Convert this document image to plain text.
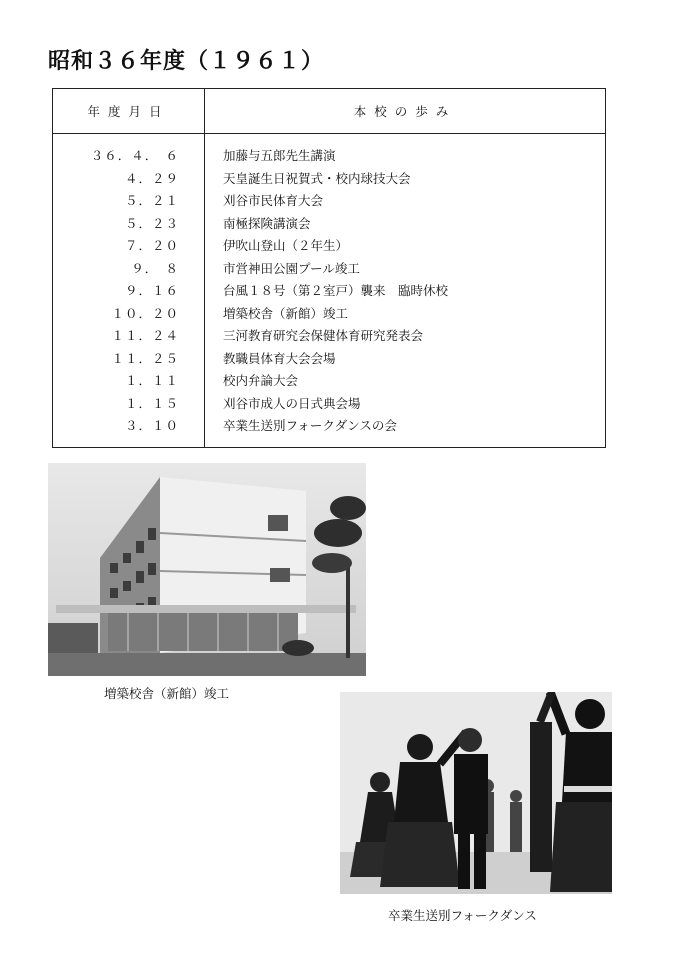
昭和３６年度（１９６１）
年度月日	本校の歩み

３６．４．　６	加藤与五郎先生講演
４．２９	天皇誕生日祝賀式・校内球技大会
５．２１	刈谷市民体育大会
５．２３	南極探険講演会
７．２０	伊吹山登山（２年生）
９．　８	市営神田公園プール竣工
９．１６	台風１８号（第２室戸）襲来　臨時休校
１０．２０	増築校舎（新館）竣工
１１．２４	三河教育研究会保健体育研究発表会
１１．２５	教職員体育大会会場
１．１１	校内弁論大会
１．１５	刈谷市成人の日式典会場
３．１０	卒業生送別フォークダンスの会

増築校舎（新館）竣工
卒業生送別フォークダンス
